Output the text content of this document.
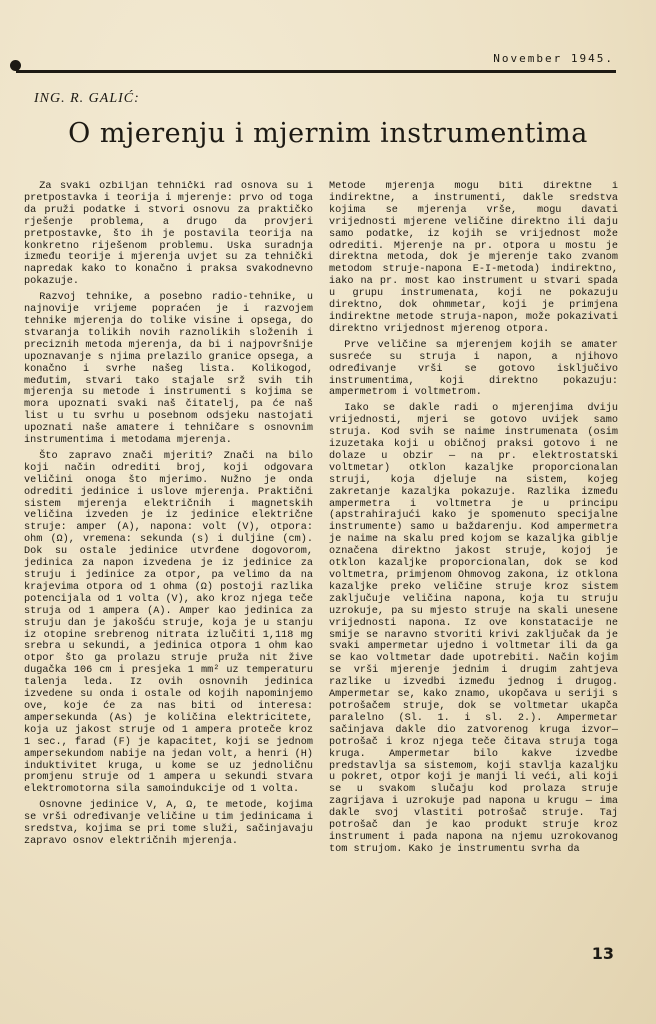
November 1945.
ING. R. GALIĆ:
O mjerenju i mjernim instrumentima

Za svaki ozbiljan tehnički rad osnova su i pretpostavka i teorija i mjerenje: prvo od toga da pruži podatke i stvori osnovu za praktičko rješenje problema, a drugo da provjeri pretpostavke, što ih je postavila teorija na konkretno riješenom problemu. Uska suradnja između teorije i mjerenja uvjet su za tehnički napredak kako to konačno i praksa svakodnevno pokazuje.

Razvoj tehnike, a posebno radio-tehnike, u najnovije vrijeme popraćen je i razvojem tehnike mjerenja do tolike visine i opsega, do stvaranja tolikih novih raznolikih složenih i preciznih metoda mjerenja, da bi i najpovršnije upoznavanje s njima prelazilo granice opsega, a konačno i svrhe našeg lista. Kolikogod, međutim, stvari tako stajale srž svih tih mjerenja su metode i instrumenti s kojima se mora upoznati svaki naš čitatelj, pa će naš list u tu svrhu u posebnom odsjeku nastojati upoznati naše amatere i tehničare s osnovnim instrumentima i metodama mjerenja.

Što zapravo znači mjeriti? Znači na bilo koji način odrediti broj, koji odgovara veličini onoga što mjerimo. Nužno je onda odrediti jedinice i uslove mjerenja. Praktični sistem mjerenja električnih i magnetskih veličina izveden je iz jedinice električne struje: amper (A), napona: volt (V), otpora: ohm (Ω), vremena: sekunda (s) i duljine (cm). Dok su ostale jedinice utvrđene dogovorom, jedinica za napon izvedena je iz jedinice za struju i jedinice za otpor, pa velimo da na krajevima otpora od 1 ohma (Ω) postoji razlika potencijala od 1 volta (V), ako kroz njega teče struja od 1 ampera (A). Amper kao jedinica za struju dan je jakošću struje, koja je u stanju iz otopine srebrenog nitrata izlučiti 1,118 mg srebra u sekundi, a jedinica otpora 1 ohm kao otpor što ga prolazu struje pruža nit žive dugačka 106 cm i presjeka 1 mm² uz temperaturu talenja leda. Iz ovih osnovnih jedinica izvedene su onda i ostale od kojih napominjemo ove, koje će za nas biti od interesa: ampersekunda (As) je količina elektricitete, koja uz jakost struje od 1 ampera proteče kroz 1 sec., farad (F) je kapacitet, koji se jednom ampersekundom nabije na jedan volt, a henri (H) induktivitet kruga, u kome se uz jednoličnu promjenu struje od 1 ampera u sekundi stvara elektromotorna sila samoindukcije od 1 volta.

Osnovne jedinice V, A, Ω, te metode, kojima se vrši određivanje veličine u tim jedinicama i sredstva, kojima se pri tome služi, sačinjavaju zapravo osnov električnih mjerenja.

Metode mjerenja mogu biti direktne i indirektne, a instrumenti, dakle sredstva kojima se mjerenja vrše, mogu davati vrijednosti mjerene veličine direktno ili daju samo podatke, iz kojih se vrijednost može odrediti. Mjerenje na pr. otpora u mostu je direktna metoda, dok je mjerenje tako zvanom metodom struje-napona E-I-metoda) indirektno, iako na pr. most kao instrument u stvari spada u grupu instrumenata, koji ne pokazuju direktno, dok ohmmetar, koji je primjena indirektne metode struja-napon, može pokazivati direktno vrijednost mjerenog otpora.

Prve veličine sa mjerenjem kojih se amater susreće su struja i napon, a njihovo određivanje vrši se gotovo isključivo instrumentima, koji direktno pokazuju: ampermetrom i voltmetrom.

Iako se dakle radi o mjerenjima dviju vrijednosti, mjeri se gotovo uvijek samo struja. Kod svih se naime instrumenata (osim izuzetaka koji u običnoj praksi gotovo i ne dolaze u obzir — na pr. elektrostatski voltmetar) otklon kazaljke proporcionalan struji, koja djeluje na sistem, kojeg zakretanje kazaljka pokazuje. Razlika između ampermetra i voltmetra je u principu (apstrahirajući kako je spomenuto specijalne instrumente) samo u baždarenju. Kod ampermetra je naime na skalu pred kojom se kazaljka giblje označena direktno jakost struje, kojoj je otklon kazaljke proporcionalan, dok se kod voltmetra, primjenom Ohmovog zakona, iz otklona kazaljke preko veličine struje kroz sistem zaključuje veličina napona, koja tu struju uzrokuje, pa su mjesto struje na skali unesene vrijednosti napona. Iz ove konstatacije ne smije se naravno stvoriti krivi zaključak da je svaki ampermetar ujedno i voltmetar ili da ga se kao voltmetar dade upotrebiti. Način kojim se vrši mjerenje jednim i drugim zahtjeva razlike u izvedbi između jednog i drugog. Ampermetar se, kako znamo, ukopčava u seriji s potrošačem struje, dok se voltmetar ukapča paralelno (Sl. 1. i sl. 2.). Ampermetar sačinjava dakle dio zatvorenog kruga izvor—potrošač i kroz njega teče čitava struja toga kruga. Ampermetar bilo kakve izvedbe predstavlja sa sistemom, koji stavlja kazaljku u pokret, otpor koji je manji li veći, ali koji se u svakom slučaju kod prolaza struje zagrijava i uzrokuje pad napona u krugu — ima dakle svoj vlastiti potrošač struje. Taj potrošač dan je kao produkt struje kroz instrument i pada napona na njemu uzrokovanog tom strujom. Kako je instrumentu svrha da

13
